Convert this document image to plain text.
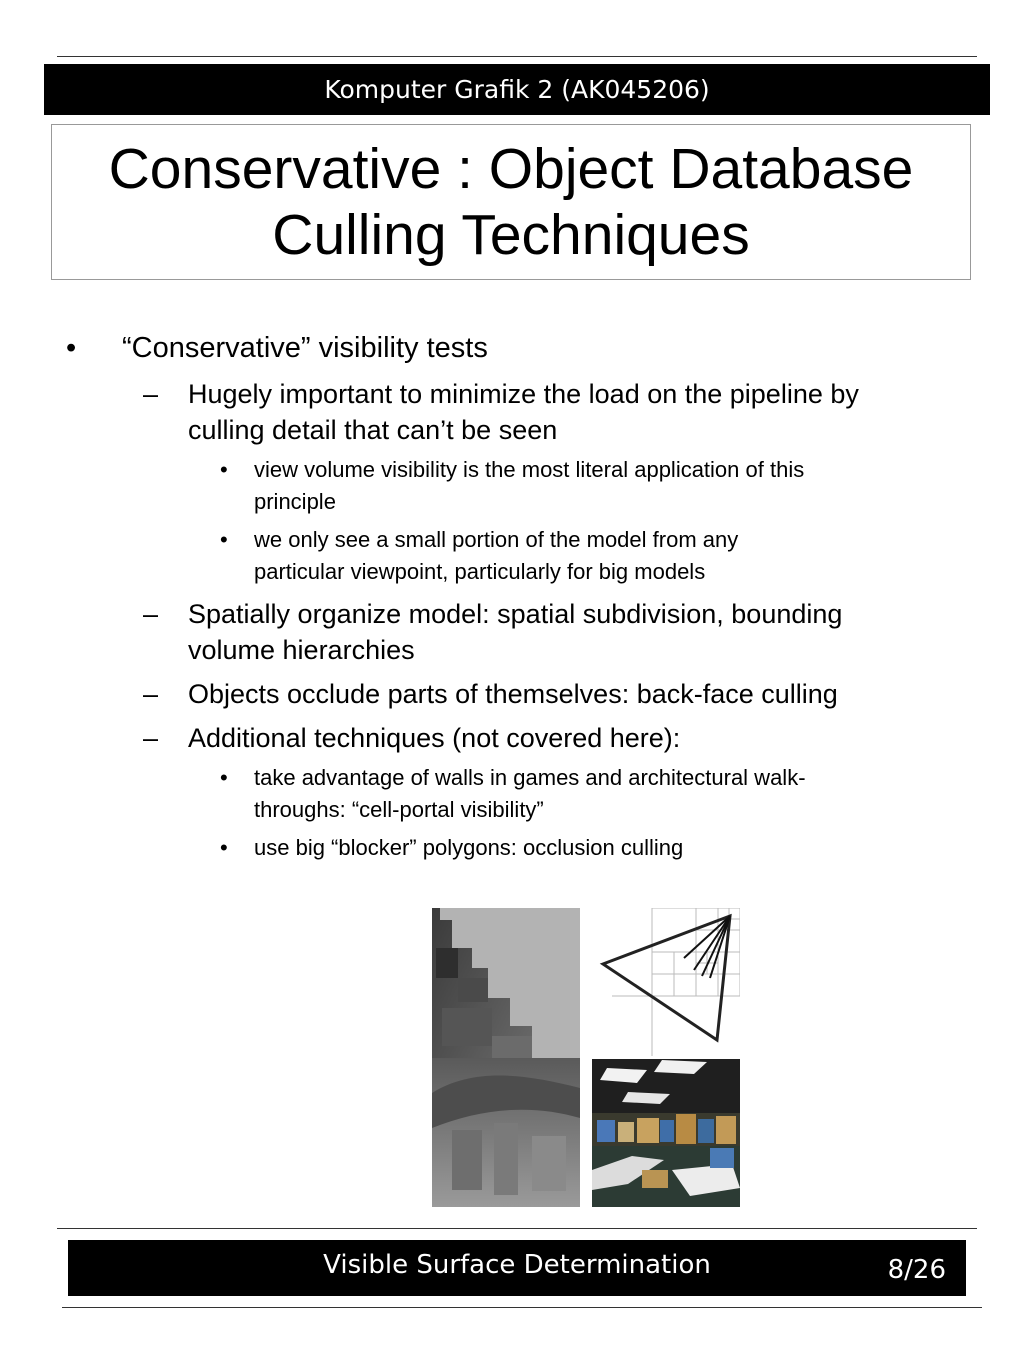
Komputer Grafik 2 (AK045206)
Conservative : Object Database
Culling Techniques
• “Conservative” visibility tests
– Hugely important to minimize the load on the pipeline by
culling detail that can’t be seen
• view volume visibility is the most literal application of this
principle
• we only see a small portion of the model from any
particular viewpoint, particularly for big models
– Spatially organize model: spatial subdivision, bounding
volume hierarchies
– Objects occlude parts of themselves: back-face culling
– Additional techniques (not covered here):
• take advantage of walls in games and architectural walk-
throughs: “cell-portal visibility”
• use big “blocker” polygons: occlusion culling
Visible Surface Determination	8/26
